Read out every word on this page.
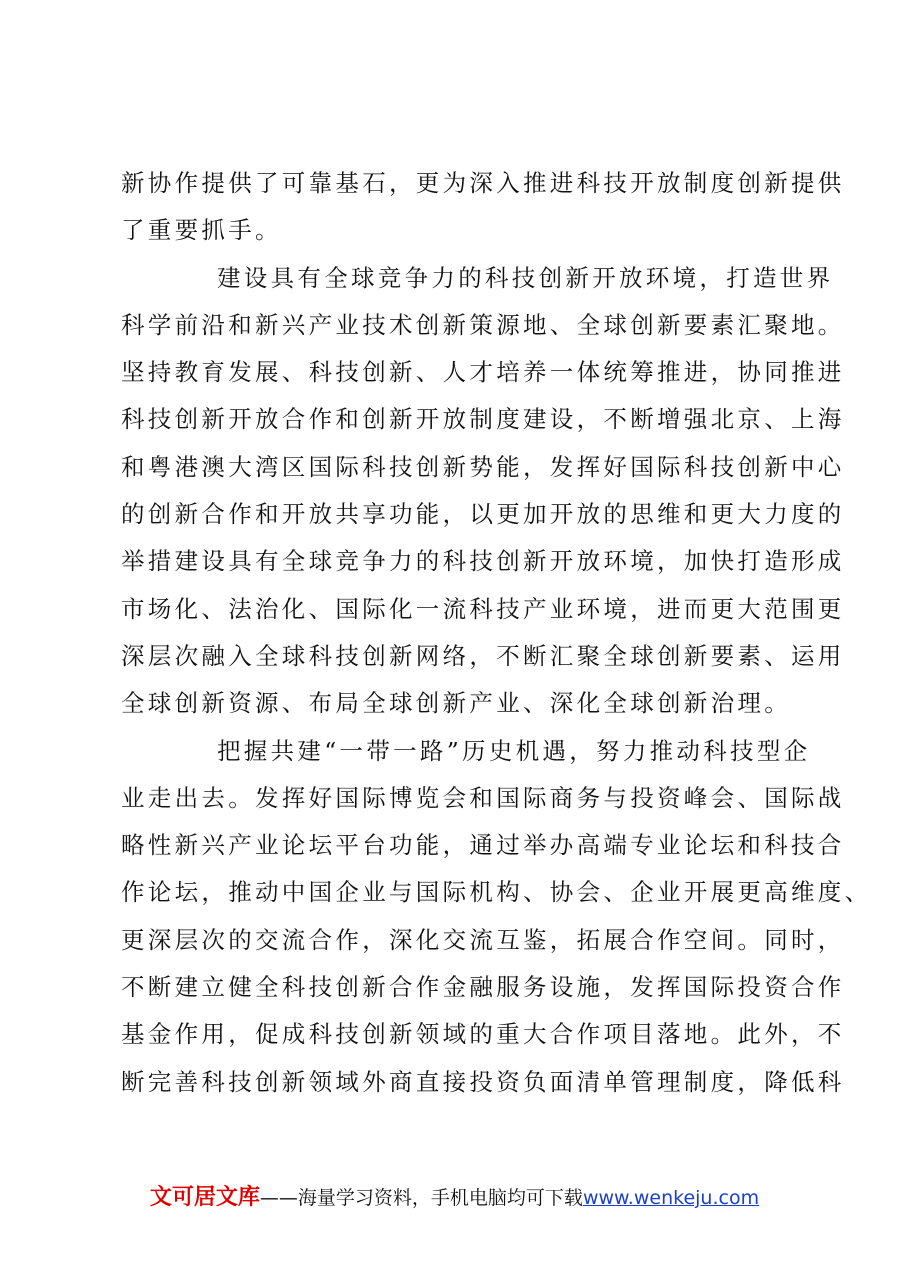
新协作提供了可靠基石，更为深入推进科技开放制度创新提供
了重要抓手。
建设具有全球竞争力的科技创新开放环境，打造世界
科学前沿和新兴产业技术创新策源地、全球创新要素汇聚地。
坚持教育发展、科技创新、人才培养一体统筹推进，协同推进
科技创新开放合作和创新开放制度建设，不断增强北京、上海
和粤港澳大湾区国际科技创新势能，发挥好国际科技创新中心
的创新合作和开放共享功能，以更加开放的思维和更大力度的
举措建设具有全球竞争力的科技创新开放环境，加快打造形成
市场化、法治化、国际化一流科技产业环境，进而更大范围更
深层次融入全球科技创新网络，不断汇聚全球创新要素、运用
全球创新资源、布局全球创新产业、深化全球创新治理。
把握共建“一带一路”历史机遇，努力推动科技型企
业走出去。发挥好国际博览会和国际商务与投资峰会、国际战
略性新兴产业论坛平台功能，通过举办高端专业论坛和科技合
作论坛，推动中国企业与国际机构、协会、企业开展更高维度、
更深层次的交流合作，深化交流互鉴，拓展合作空间。同时，
不断建立健全科技创新合作金融服务设施，发挥国际投资合作
基金作用，促成科技创新领域的重大合作项目落地。此外，不
断完善科技创新领域外商直接投资负面清单管理制度，降低科
文可居文库——海量学习资料，手机电脑均可下载www.wenkeju.com
